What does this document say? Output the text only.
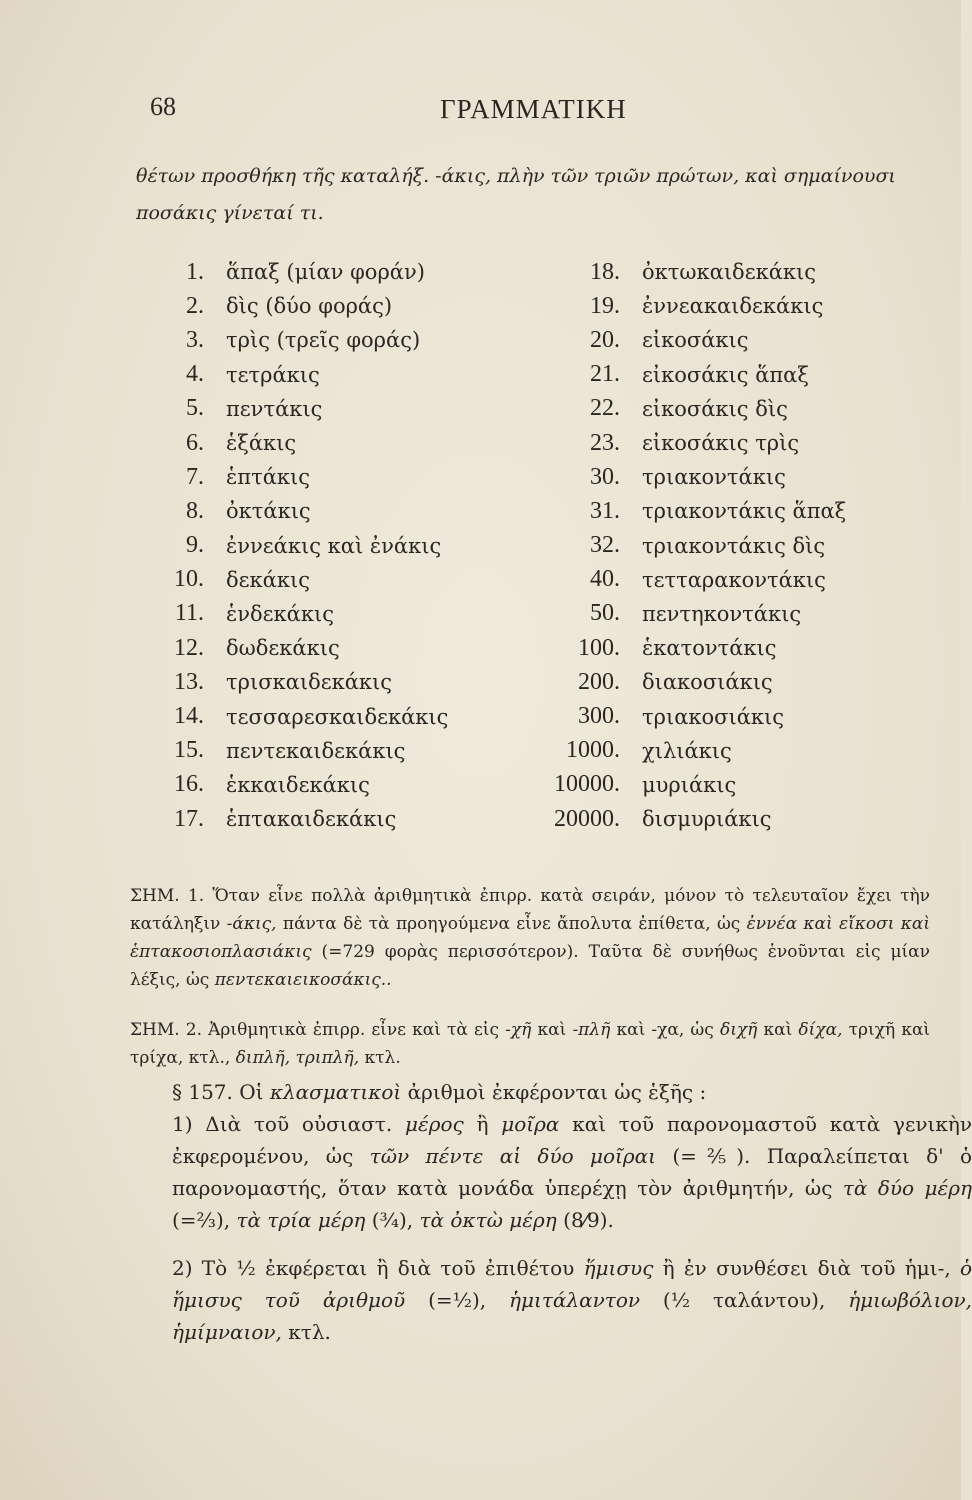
68	ΓΡΑΜΜΑΤΙΚΗ
θέτων προσθήκη τῆς καταλήξ. -άκις, πλὴν τῶν τριῶν πρώτων, καὶ σημαίνουσι ποσάκις γίνεταί τι.
1. ἅπαξ (μίαν φοράν)
2. δὶς (δύο φοράς)
3. τρὶς (τρεῖς φοράς)
4. τετράκις
5. πεντάκις
6. ἑξάκις
7. ἑπτάκις
8. ὀκτάκις
9. ἐννεάκις καὶ ἐνάκις
10. δεκάκις
11. ἑνδεκάκις
12. δωδεκάκις
13. τρισκαιδεκάκις
14. τεσσαρεσκαιδεκάκις
15. πεντεκαιδεκάκις
16. ἑκκαιδεκάκις
17. ἑπτακαιδεκάκις
18. ὀκτωκαιδεκάκις
19. ἐννεακαιδεκάκις
20. εἰκοσάκις
21. εἰκοσάκις ἅπαξ
22. εἰκοσάκις δὶς
23. εἰκοσάκις τρὶς
30. τριακοντάκις
31. τριακοντάκις ἅπαξ
32. τριακοντάκις δὶς
40. τετταρακοντάκις
50. πεντηκοντάκις
100. ἑκατοντάκις
200. διακοσιάκις
300. τριακοσιάκις
1000. χιλιάκις
10000. μυριάκις
20000. δισμυριάκις
ΣΗΜ. 1. Ὅταν εἶνε πολλὰ ἀριθμητικὰ ἐπιρρ. κατὰ σειράν, μόνον τὸ τελευταῖον ἔχει τὴν κατάληξιν -άκις, πάντα δὲ τὰ προηγούμενα εἶνε ἄπολυτα ἐπίθετα, ὡς ἐννέα καὶ εἴκοσι καὶ ἑπτακοσιοπλασιάκις (=729 φορὰς περισσότερον). Ταῦτα δὲ συνήθως ἑνοῦνται εἰς μίαν λέξις, ὡς πεντεκαιεικοσάκις..
ΣΗΜ. 2. Ἀριθμητικὰ ἐπιρρ. εἶνε καὶ τὰ εἰς -χῆ καὶ -πλῆ καὶ -χα, ὡς διχῆ καὶ δίχα, τριχῆ καὶ τρίχα, κτλ., διπλῆ, τριπλῆ, κτλ.
§ 157. Οἱ κλασματικοὶ ἀριθμοὶ ἐκφέρονται ὡς ἑξῆς :
1) Διὰ τοῦ οὐσιαστ. μέρος ἢ μοῖρα καὶ τοῦ παρονομαστοῦ κατὰ γενικὴν ἐκφερομένου, ὡς τῶν πέντε αἱ δύο μοῖραι (=⅖). Παραλείπεται δ' ὁ παρονομαστής, ὅταν κατὰ μονάδα ὑπερέχῃ τὸν ἀριθμητήν, ὡς τὰ δύο μέρη (=⅔), τὰ τρία μέρη (¾), τὰ ὀκτὼ μέρη (8⁄9).
2) Τὸ ½ ἐκφέρεται ἢ διὰ τοῦ ἐπιθέτου ἥμισυς ἢ ἐν συνθέσει διὰ τοῦ ἡμι-, ὁ ἥμισυς τοῦ ἀριθμοῦ (=½), ἡμιτάλαντον (½ ταλάντου), ἡμιωβόλιον, ἡμίμναιον, κτλ.
